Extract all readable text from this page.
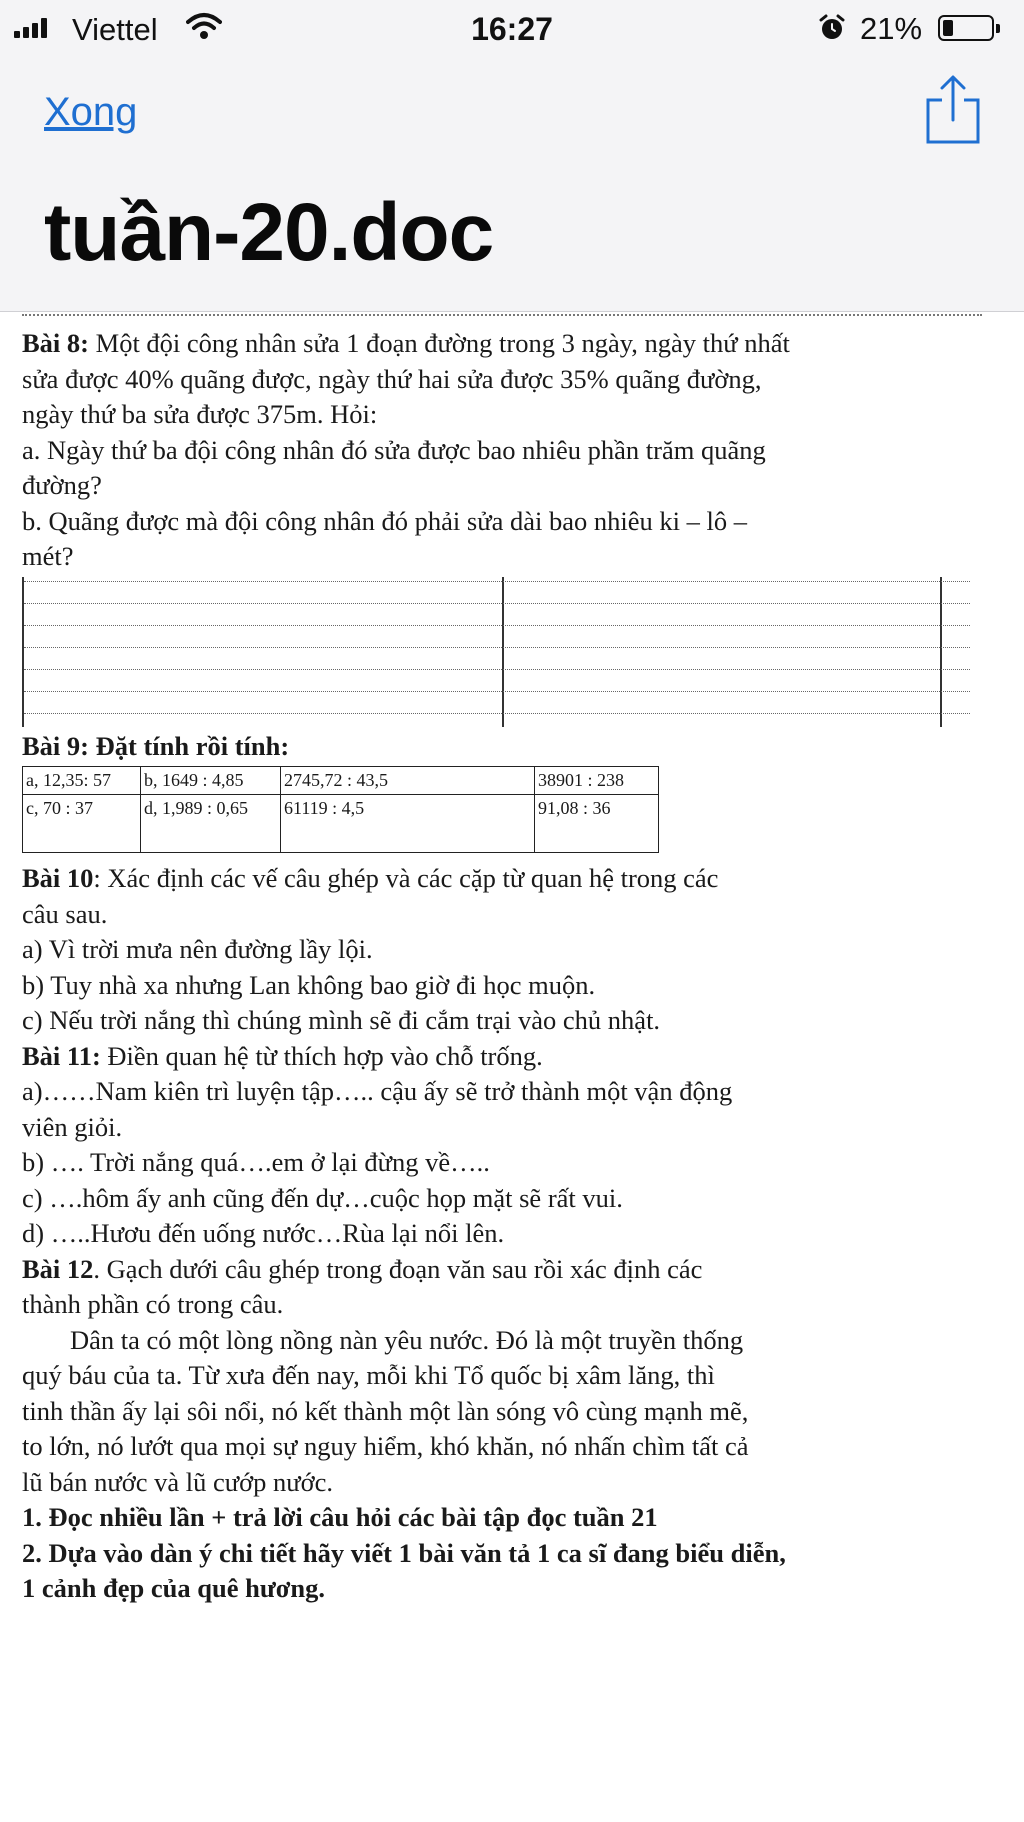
Viettel	16:27	21%
Xong
tuần-20.doc

Bài 8: Một đội công nhân sửa 1 đoạn đường trong 3 ngày, ngày thứ nhất

sửa được 40% quãng được, ngày thứ hai sửa được 35% quãng đường,

ngày thứ ba sửa được 375m. Hỏi:

a. Ngày thứ ba đội công nhân đó sửa được bao nhiêu phần trăm quãng

đường?

b. Quãng được mà đội công nhân đó phải sửa dài bao nhiêu ki – lô –

mét?

Bài 9: Đặt tính rồi tính:

a, 12,35: 57	b, 1649 : 4,85	2745,72 : 43,5	38901 : 238
c, 70 : 37	d, 1,989 : 0,65	61119 : 4,5	91,08 : 36

Bài 10: Xác định các vế câu ghép và các cặp từ quan hệ trong các

câu sau.

a) Vì trời mưa nên đường lầy lội.

b) Tuy nhà xa nhưng Lan không bao giờ đi học muộn.

c) Nếu trời nắng thì chúng mình sẽ đi cắm trại vào chủ nhật.

Bài 11: Điền quan hệ từ thích hợp vào chỗ trống.

a)……Nam kiên trì luyện tập….. cậu ấy sẽ trở thành một vận động

viên giỏi.

b) …. Trời nắng quá….em ở lại đừng về…..

c) ….hôm ấy anh cũng đến dự…cuộc họp mặt sẽ rất vui.

d) …..Hươu đến uống nước…Rùa lại nổi lên.

Bài 12. Gạch dưới câu ghép trong đoạn văn sau rồi xác định các

thành phần có trong câu.

Dân ta có một lòng nồng nàn yêu nước. Đó là một truyền thống

quý báu của ta. Từ xưa đến nay, mỗi khi Tổ quốc bị xâm lăng, thì

tinh thần ấy lại sôi nổi, nó kết thành một làn sóng vô cùng mạnh mẽ,

to lớn, nó lướt qua mọi sự nguy hiểm, khó khăn, nó nhấn chìm tất cả

lũ bán nước và lũ cướp nước.

1. Đọc nhiều lần + trả lời câu hỏi các bài tập đọc tuần 21

2. Dựa vào dàn ý chi tiết hãy viết 1 bài văn tả 1 ca sĩ đang biểu diễn,

1 cảnh đẹp của quê hương.
